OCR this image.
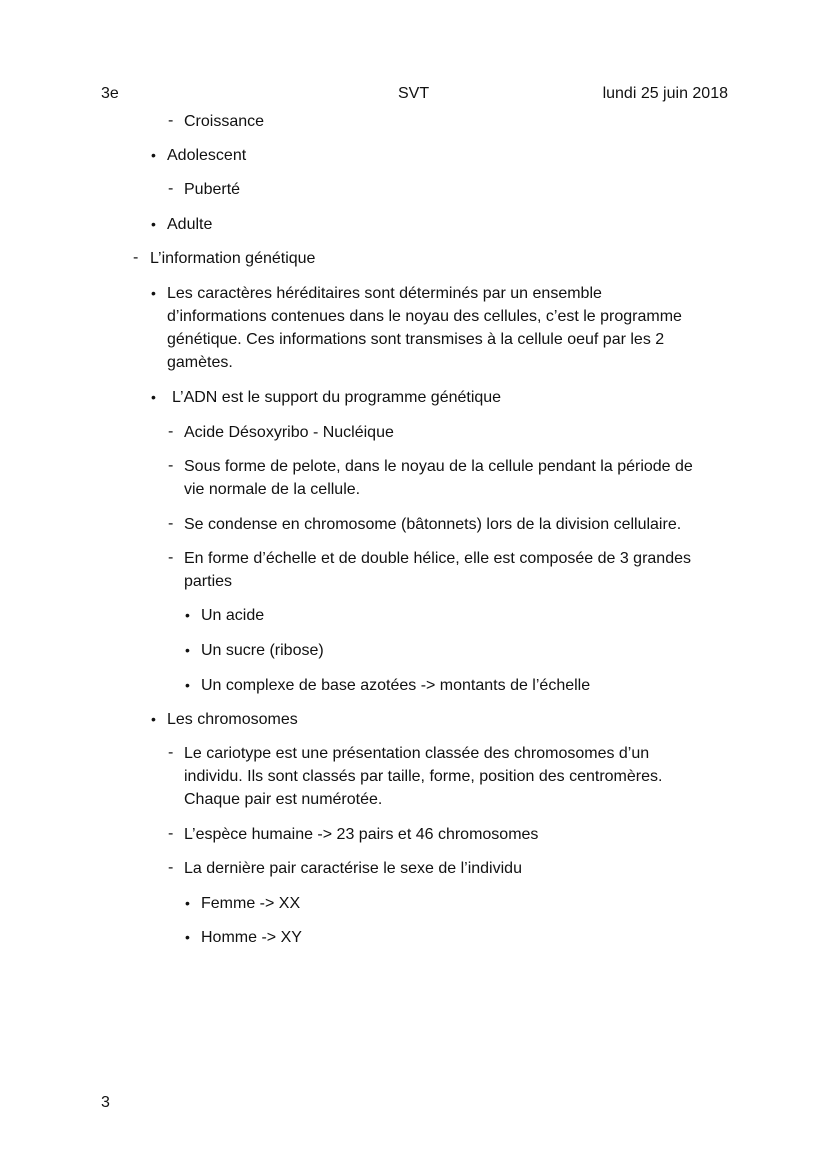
3e	SVT	lundi 25 juin 2018
- Croissance
• Adolescent
- Puberté
• Adulte
- L’information génétique
• Les caractères héréditaires sont déterminés par un ensemble
d’informations contenues dans le noyau des cellules, c’est le programme
génétique. Ces informations sont transmises à la cellule oeuf par les 2
gamètes.
• L’ADN est le support du programme génétique
- Acide Désoxyribo - Nucléique
- Sous forme de pelote, dans le noyau de la cellule pendant la période de
vie normale de la cellule.
- Se condense en chromosome (bâtonnets) lors de la division cellulaire.
- En forme d’échelle et de double hélice, elle est composée de 3 grandes
parties
• Un acide
• Un sucre (ribose)
• Un complexe de base azotées -> montants de l’échelle
• Les chromosomes
- Le cariotype est une présentation classée des chromosomes d’un
individu. Ils sont classés par taille, forme, position des centromères.
Chaque pair est numérotée.
- L’espèce humaine -> 23 pairs et 46 chromosomes
- La dernière pair caractérise le sexe de l’individu
• Femme -> XX
• Homme -> XY
3
